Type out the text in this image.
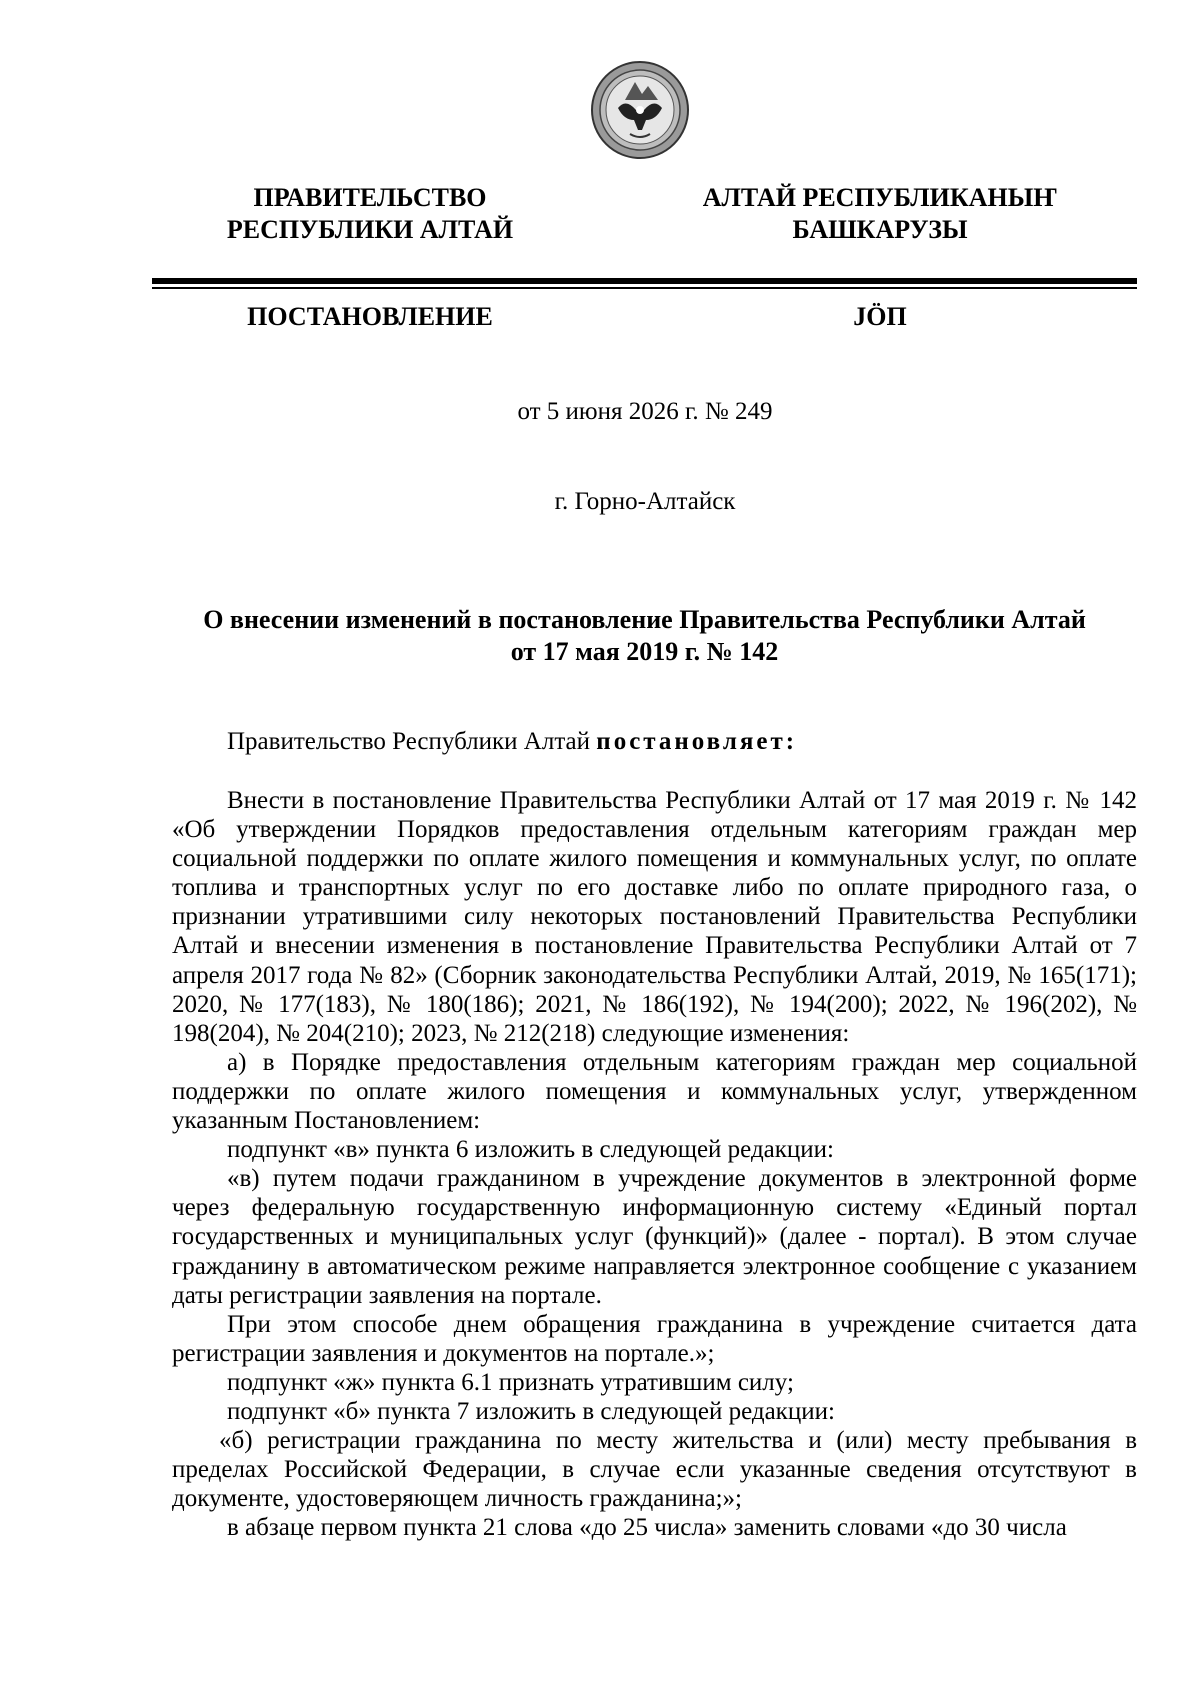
ПРАВИТЕЛЬСТВО

РЕСПУБЛИКИ АЛТАЙ

АЛТАЙ РЕСПУБЛИКАНЫҤ

БАШКАРУЗЫ

ПОСТАНОВЛЕНИЕ	JÖП
от 5 июня 2026 г. № 249
г. Горно-Алтайск

О внесении изменений в постановление Правительства Республики Алтай

от 17 мая 2019 г. № 142

Правительство Республики Алтай постановляет:

Внести в постановление Правительства Республики Алтай от 17 мая 2019 г. № 142 «Об утверждении Порядков предоставления отдельным категориям граждан мер социальной поддержки по оплате жилого помещения и коммунальных услуг, по оплате топлива и транспортных услуг по его доставке либо по оплате природного газа, о признании утратившими силу некоторых постановлений Правительства Республики Алтай и внесении изменения в постановление Правительства Республики Алтай от 7 апреля 2017 года № 82» (Сборник законодательства Республики Алтай, 2019, № 165(171); 2020, № 177(183), № 180(186); 2021, № 186(192), № 194(200); 2022, № 196(202), № 198(204), № 204(210); 2023, № 212(218) следующие изменения:

а) в Порядке предоставления отдельным категориям граждан мер социальной поддержки по оплате жилого помещения и коммунальных услуг, утвержденном указанным Постановлением:

подпункт «в» пункта 6 изложить в следующей редакции:

«в) путем подачи гражданином в учреждение документов в электронной форме через федеральную государственную информационную систему «Единый портал государственных и муниципальных услуг (функций)» (далее - портал). В этом случае гражданину в автоматическом режиме направляется электронное сообщение с указанием даты регистрации заявления на портале.

При этом способе днем обращения гражданина в учреждение считается дата регистрации заявления и документов на портале.»;

подпункт «ж» пункта 6.1 признать утратившим силу;

подпункт «б» пункта 7 изложить в следующей редакции:

«б) регистрации гражданина по месту жительства и (или) месту пребывания в пределах Российской Федерации, в случае если указанные сведения отсутствуют в документе, удостоверяющем личность гражданина;»;

в абзаце первом пункта 21 слова «до 25 числа» заменить словами «до 30 числа
